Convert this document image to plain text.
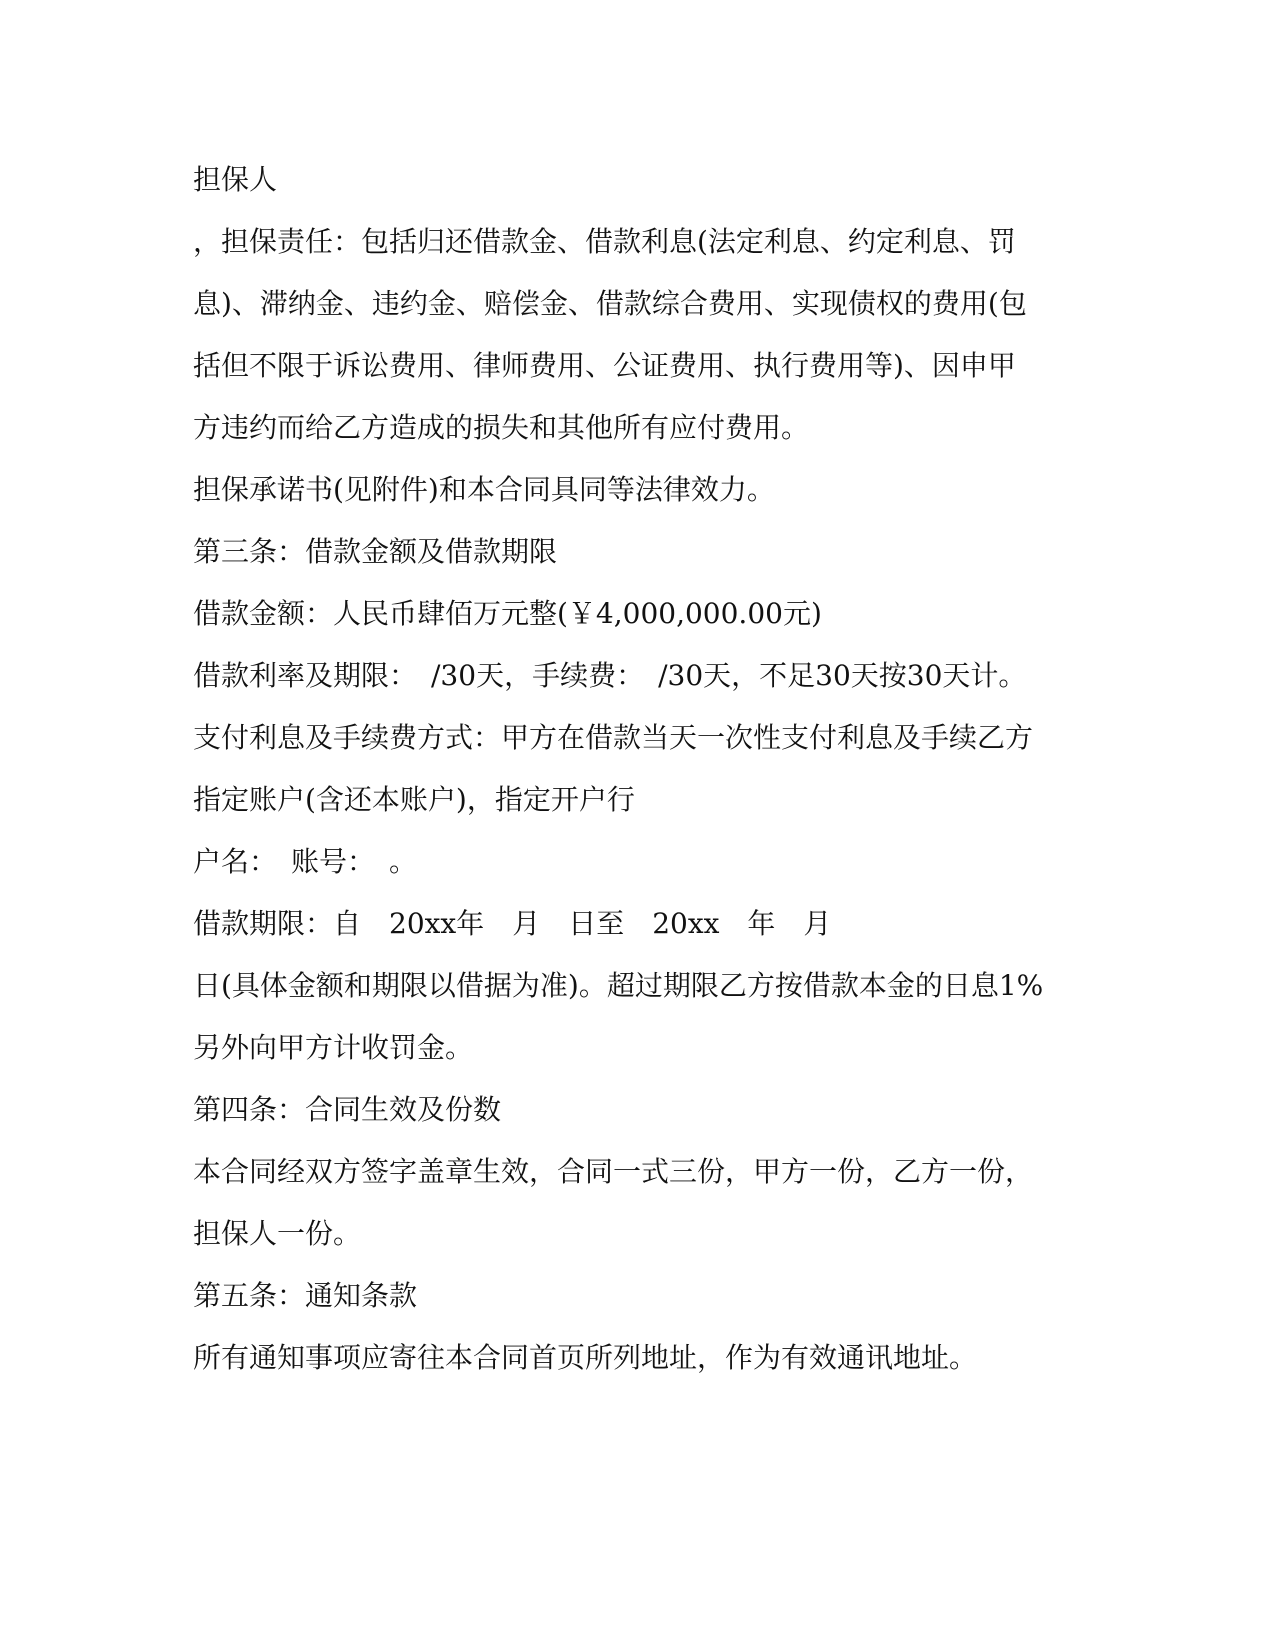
担保人

，担保责任：包括归还借款金、借款利息(法定利息、约定利息、罚

息)、滞纳金、违约金、赔偿金、借款综合费用、实现债权的费用(包

括但不限于诉讼费用、律师费用、公证费用、执行费用等)、因申甲

方违约而给乙方造成的损失和其他所有应付费用。

担保承诺书(见附件)和本合同具同等法律效力。

第三条：借款金额及借款期限

借款金额：人民币肆佰万元整(￥4,000,000.00元)

借款利率及期限：　/30天，手续费：　/30天，不足30天按30天计。

支付利息及手续费方式：甲方在借款当天一次性支付利息及手续乙方

指定账户(含还本账户)，指定开户行

户名：　账号：　。

借款期限：自　20xx年　月　日至　20xx　年　月

日(具体金额和期限以借据为准)。超过期限乙方按借款本金的日息1%

另外向甲方计收罚金。

第四条：合同生效及份数

本合同经双方签字盖章生效，合同一式三份，甲方一份，乙方一份，

担保人一份。

第五条：通知条款

所有通知事项应寄往本合同首页所列地址，作为有效通讯地址。
